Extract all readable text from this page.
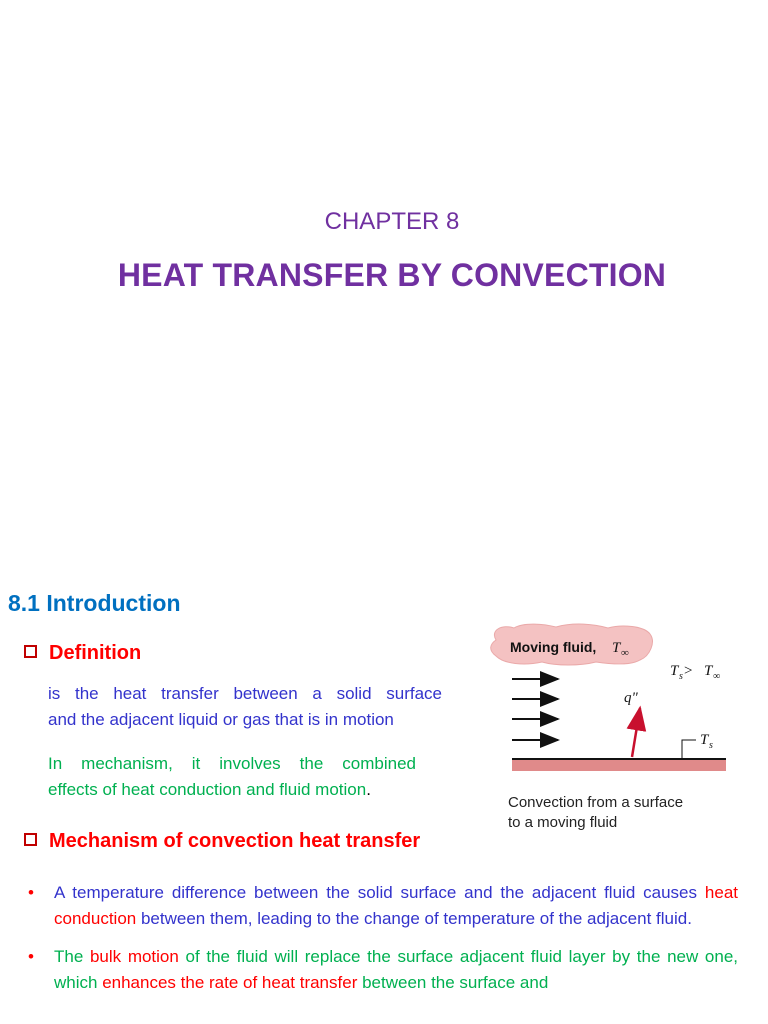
CHAPTER 8
HEAT TRANSFER BY CONVECTION
8.1 Introduction
Definition
is the heat transfer between a solid surface
and the adjacent liquid or gas that is in motion
In mechanism, it involves the combined
effects of heat conduction and fluid motion.
Mechanism of convection heat transfer
• A temperature difference between the solid surface and the adjacent fluid causes heat conduction between them, leading to the change of temperature of the adjacent fluid.
• The bulk motion of the fluid will replace the surface adjacent fluid layer by the new one, which enhances the rate of heat transfer between the surface and
Moving fluid, T ∞
T s > T ∞
q"
T s
Convection from a surface
to a moving fluid
